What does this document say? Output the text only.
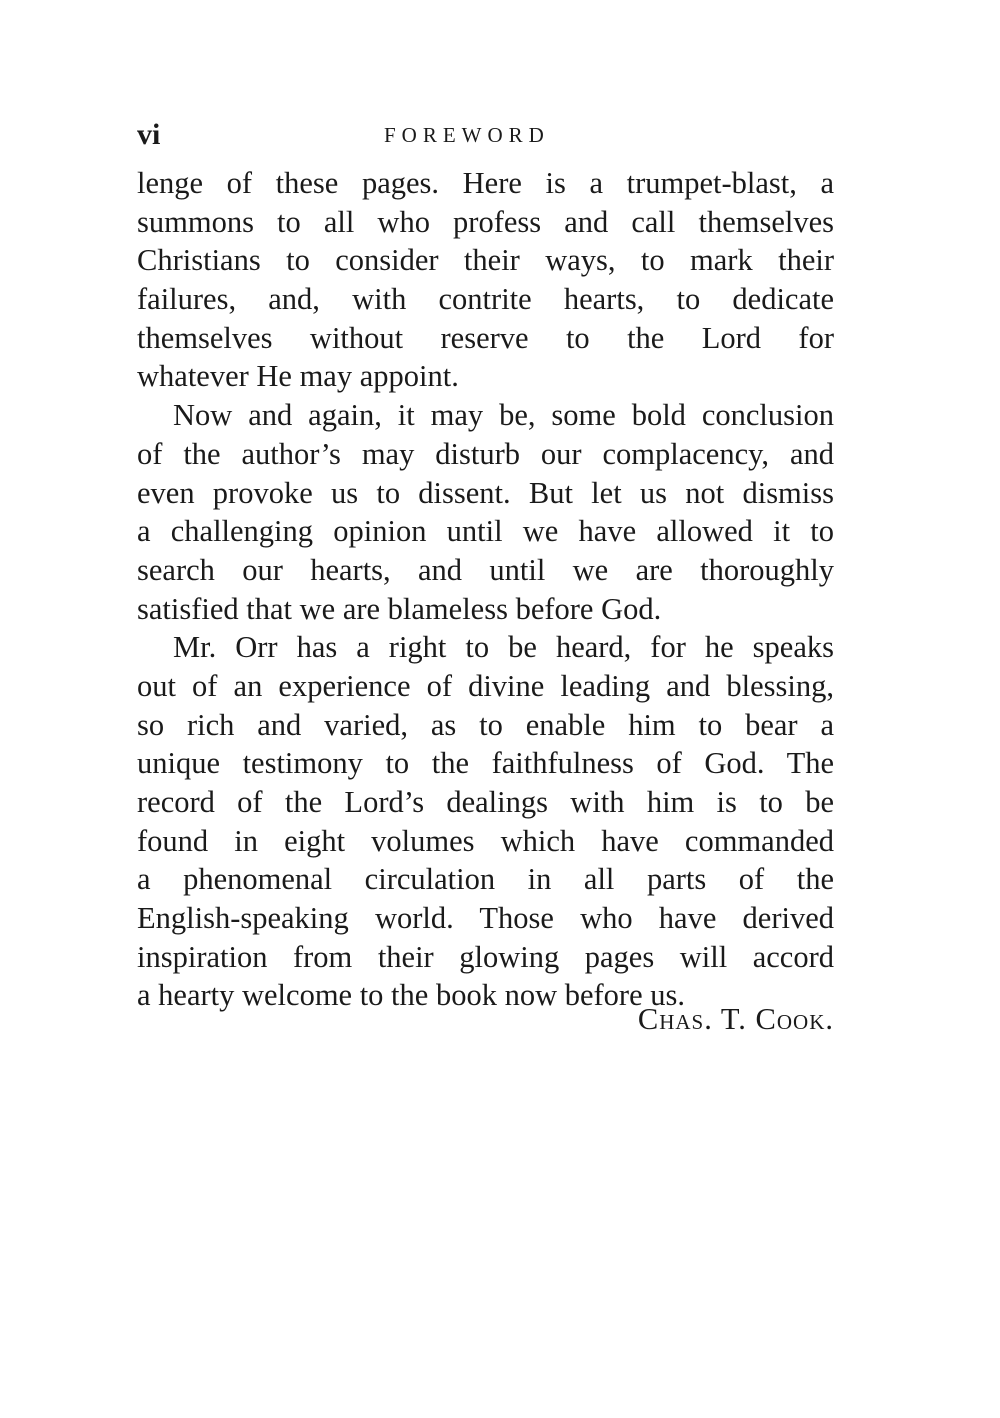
vi	FOREWORD
lenge of these pages. Here is a trumpet-blast, a
summons to all who profess and call themselves
Christians to consider their ways, to mark their
failures, and, with contrite hearts, to dedicate
themselves without reserve to the Lord for
whatever He may appoint.
Now and again, it may be, some bold conclusion
of the author’s may disturb our complacency, and
even provoke us to dissent. But let us not dismiss
a challenging opinion until we have allowed it to
search our hearts, and until we are thoroughly
satisfied that we are blameless before God.
Mr. Orr has a right to be heard, for he speaks
out of an experience of divine leading and blessing,
so rich and varied, as to enable him to bear a
unique testimony to the faithfulness of God. The
record of the Lord’s dealings with him is to be
found in eight volumes which have commanded
a phenomenal circulation in all parts of the
English-speaking world. Those who have derived
inspiration from their glowing pages will accord
a hearty welcome to the book now before us.
Chas. T. Cook.
